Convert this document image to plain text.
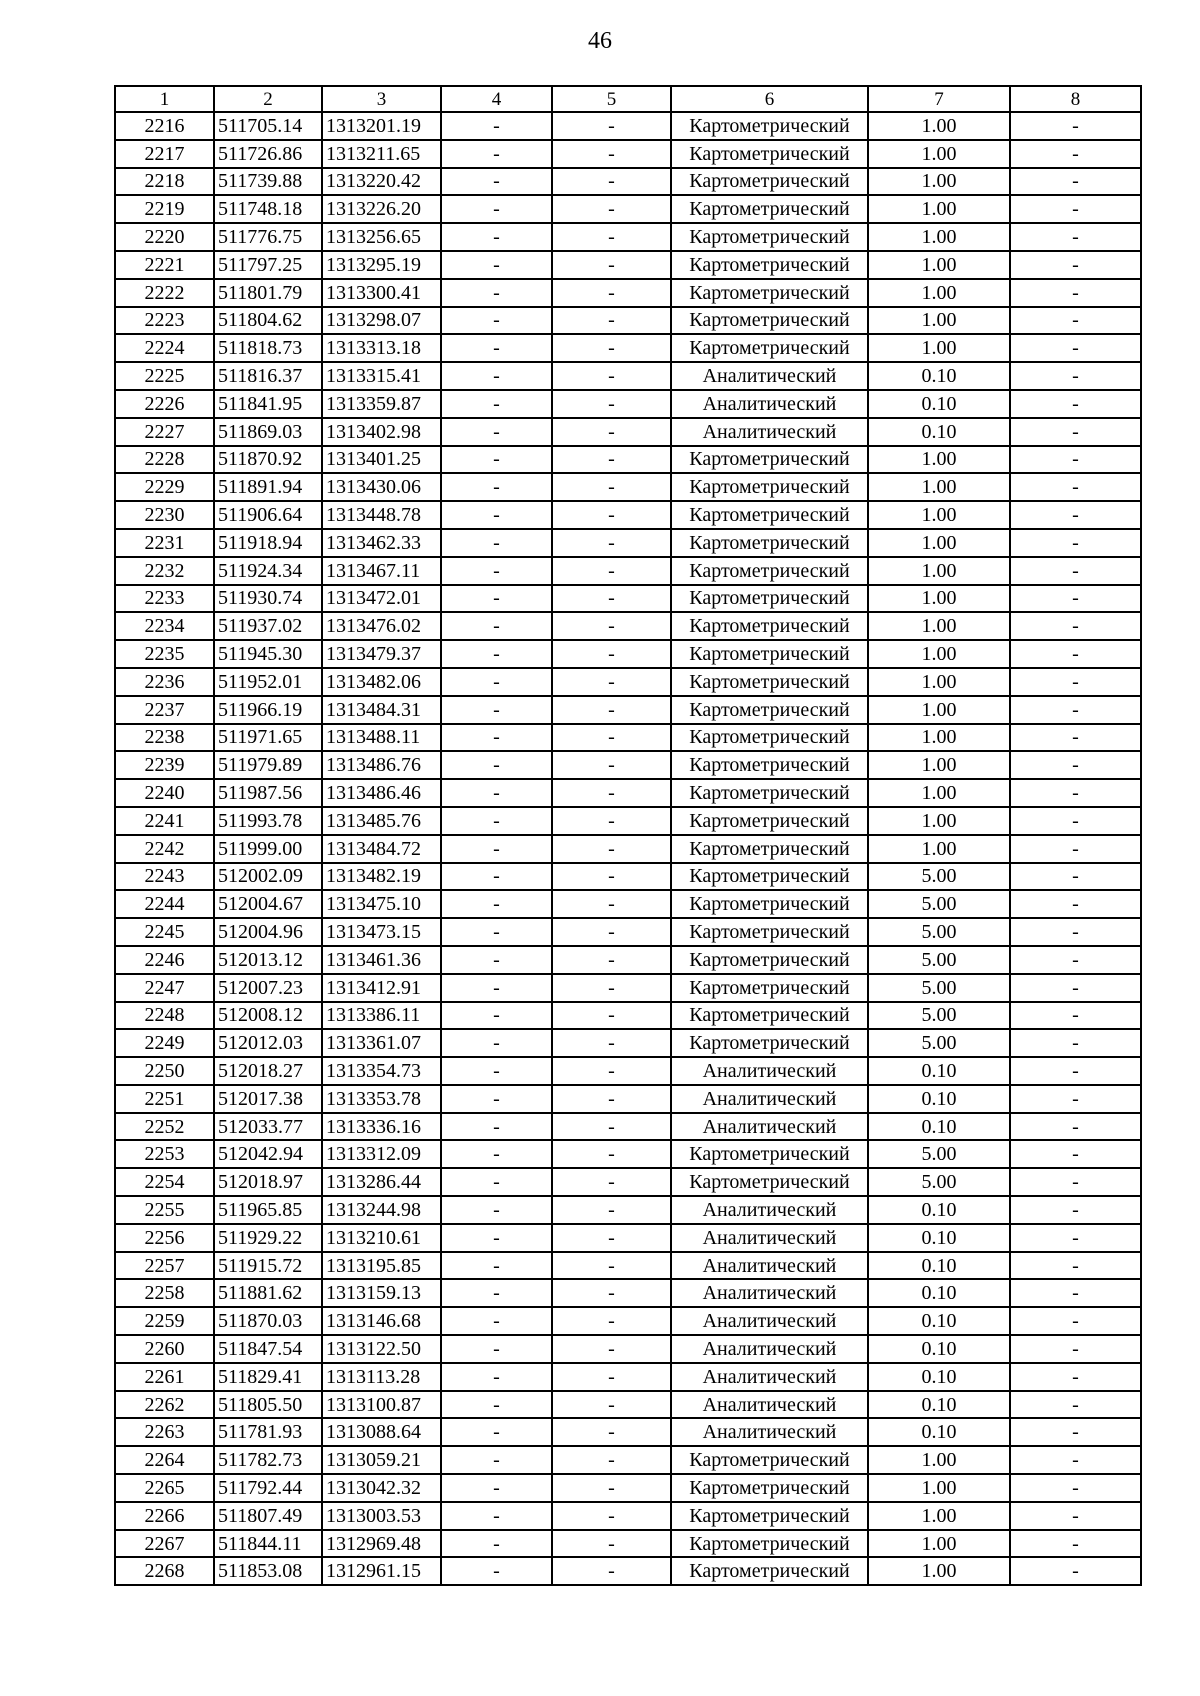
46
1	2	3	4	5	6	7	8
2216	511705.14	1313201.19	-	-	Картометрический	1.00	-
2217	511726.86	1313211.65	-	-	Картометрический	1.00	-
2218	511739.88	1313220.42	-	-	Картометрический	1.00	-
2219	511748.18	1313226.20	-	-	Картометрический	1.00	-
2220	511776.75	1313256.65	-	-	Картометрический	1.00	-
2221	511797.25	1313295.19	-	-	Картометрический	1.00	-
2222	511801.79	1313300.41	-	-	Картометрический	1.00	-
2223	511804.62	1313298.07	-	-	Картометрический	1.00	-
2224	511818.73	1313313.18	-	-	Картометрический	1.00	-
2225	511816.37	1313315.41	-	-	Аналитический	0.10	-
2226	511841.95	1313359.87	-	-	Аналитический	0.10	-
2227	511869.03	1313402.98	-	-	Аналитический	0.10	-
2228	511870.92	1313401.25	-	-	Картометрический	1.00	-
2229	511891.94	1313430.06	-	-	Картометрический	1.00	-
2230	511906.64	1313448.78	-	-	Картометрический	1.00	-
2231	511918.94	1313462.33	-	-	Картометрический	1.00	-
2232	511924.34	1313467.11	-	-	Картометрический	1.00	-
2233	511930.74	1313472.01	-	-	Картометрический	1.00	-
2234	511937.02	1313476.02	-	-	Картометрический	1.00	-
2235	511945.30	1313479.37	-	-	Картометрический	1.00	-
2236	511952.01	1313482.06	-	-	Картометрический	1.00	-
2237	511966.19	1313484.31	-	-	Картометрический	1.00	-
2238	511971.65	1313488.11	-	-	Картометрический	1.00	-
2239	511979.89	1313486.76	-	-	Картометрический	1.00	-
2240	511987.56	1313486.46	-	-	Картометрический	1.00	-
2241	511993.78	1313485.76	-	-	Картометрический	1.00	-
2242	511999.00	1313484.72	-	-	Картометрический	1.00	-
2243	512002.09	1313482.19	-	-	Картометрический	5.00	-
2244	512004.67	1313475.10	-	-	Картометрический	5.00	-
2245	512004.96	1313473.15	-	-	Картометрический	5.00	-
2246	512013.12	1313461.36	-	-	Картометрический	5.00	-
2247	512007.23	1313412.91	-	-	Картометрический	5.00	-
2248	512008.12	1313386.11	-	-	Картометрический	5.00	-
2249	512012.03	1313361.07	-	-	Картометрический	5.00	-
2250	512018.27	1313354.73	-	-	Аналитический	0.10	-
2251	512017.38	1313353.78	-	-	Аналитический	0.10	-
2252	512033.77	1313336.16	-	-	Аналитический	0.10	-
2253	512042.94	1313312.09	-	-	Картометрический	5.00	-
2254	512018.97	1313286.44	-	-	Картометрический	5.00	-
2255	511965.85	1313244.98	-	-	Аналитический	0.10	-
2256	511929.22	1313210.61	-	-	Аналитический	0.10	-
2257	511915.72	1313195.85	-	-	Аналитический	0.10	-
2258	511881.62	1313159.13	-	-	Аналитический	0.10	-
2259	511870.03	1313146.68	-	-	Аналитический	0.10	-
2260	511847.54	1313122.50	-	-	Аналитический	0.10	-
2261	511829.41	1313113.28	-	-	Аналитический	0.10	-
2262	511805.50	1313100.87	-	-	Аналитический	0.10	-
2263	511781.93	1313088.64	-	-	Аналитический	0.10	-
2264	511782.73	1313059.21	-	-	Картометрический	1.00	-
2265	511792.44	1313042.32	-	-	Картометрический	1.00	-
2266	511807.49	1313003.53	-	-	Картометрический	1.00	-
2267	511844.11	1312969.48	-	-	Картометрический	1.00	-
2268	511853.08	1312961.15	-	-	Картометрический	1.00	-
